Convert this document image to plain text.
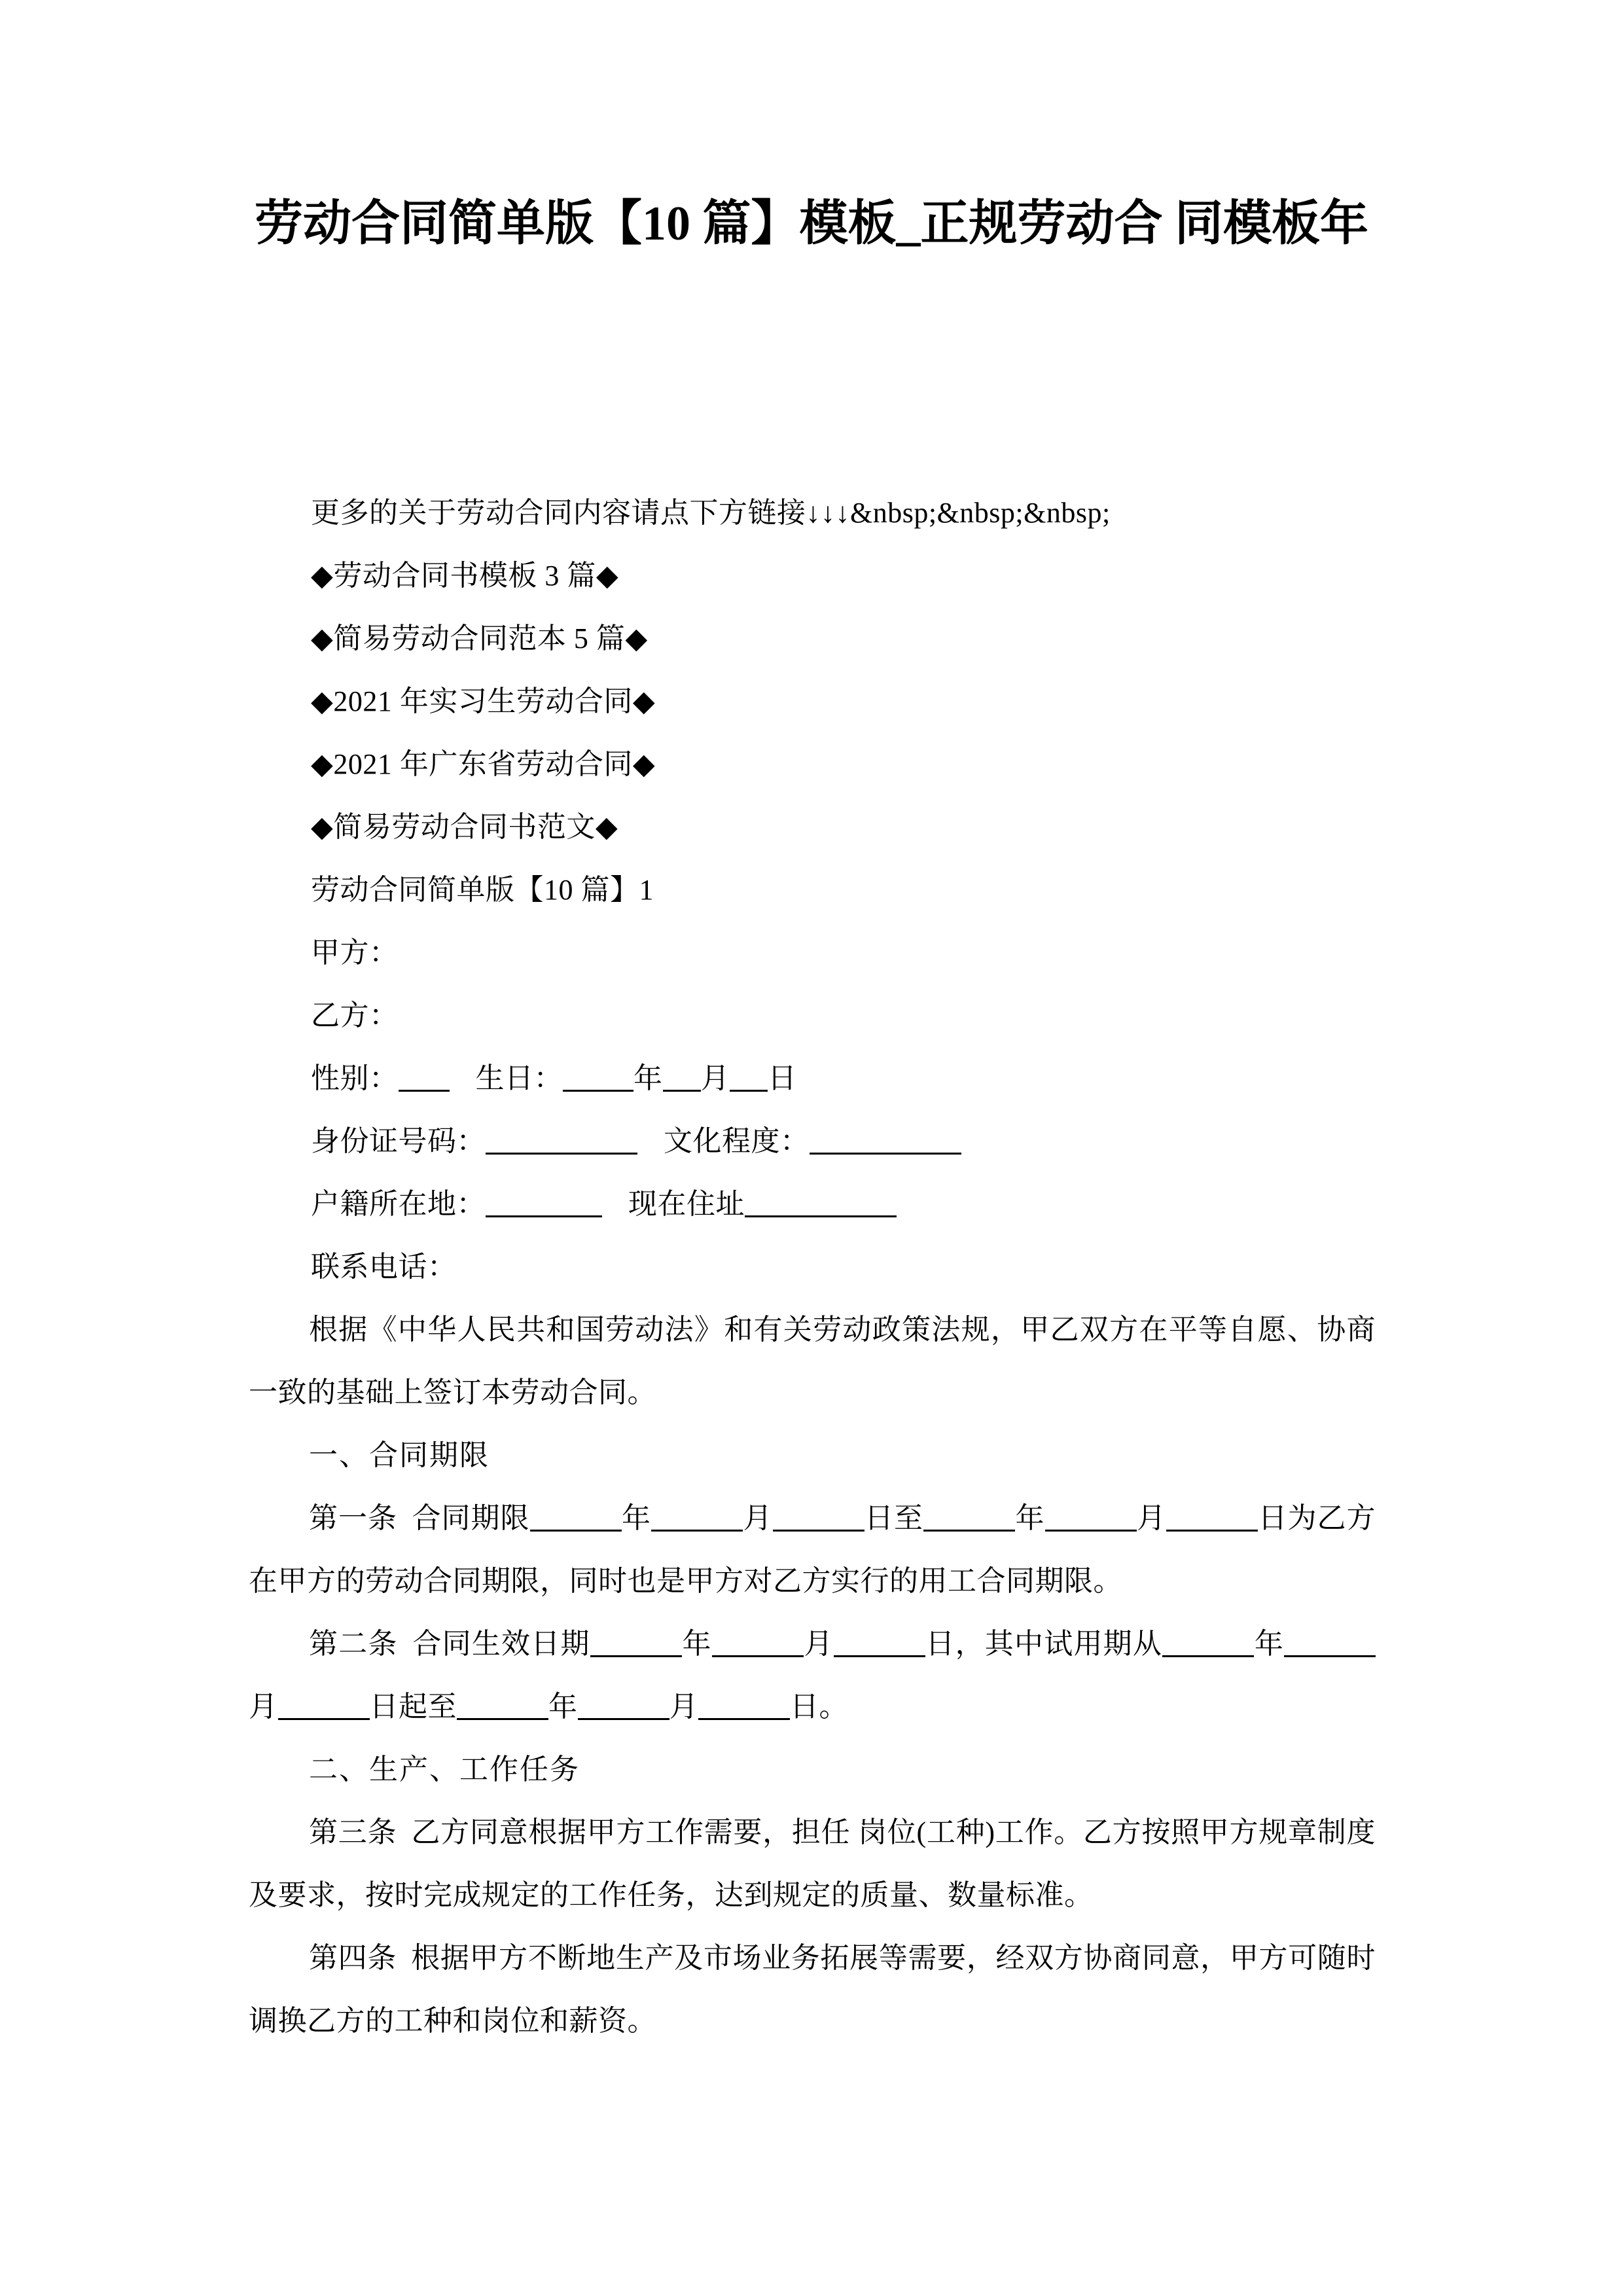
劳动合同简单版【10 篇】模板_正规劳动合 同模板年

更多的关于劳动合同内容请点下方链接↓↓↓&nbsp;&nbsp;&nbsp;

◆劳动合同书模板 3 篇◆

◆简易劳动合同范本 5 篇◆

◆2021 年实习生劳动合同◆

◆2021 年广东省劳动合同◆

◆简易劳动合同书范文◆

劳动合同简单版【10 篇】1

甲方：

乙方：

性别：	生日： 年 月 日

身份证号码：	文化程度：

户籍所在地：	现在住址

联系电话：

根据《中华人民共和国劳动法》和有关劳动政策法规，甲乙双方在平等自愿、协商一致的基础上签订本劳动合同。

一、合同期限

第一条 合同期限	年	月	日至	年	月	日为乙方在甲方的劳动合同期限，同时也是甲方对乙方实行的用工合同期限。

第二条 合同生效日期	年	月	日，其中试用期从	年月	日起至	年	月	日。

二、生产、工作任务

第三条 乙方同意根据甲方工作需要，担任 岗位(工种)工作。乙方按照甲方规章制度及要求，按时完成规定的工作任务，达到规定的质量、数量标准。

第四条 根据甲方不断地生产及市场业务拓展等需要，经双方协商同意，甲方可随时调换乙方的工种和岗位和薪资。
